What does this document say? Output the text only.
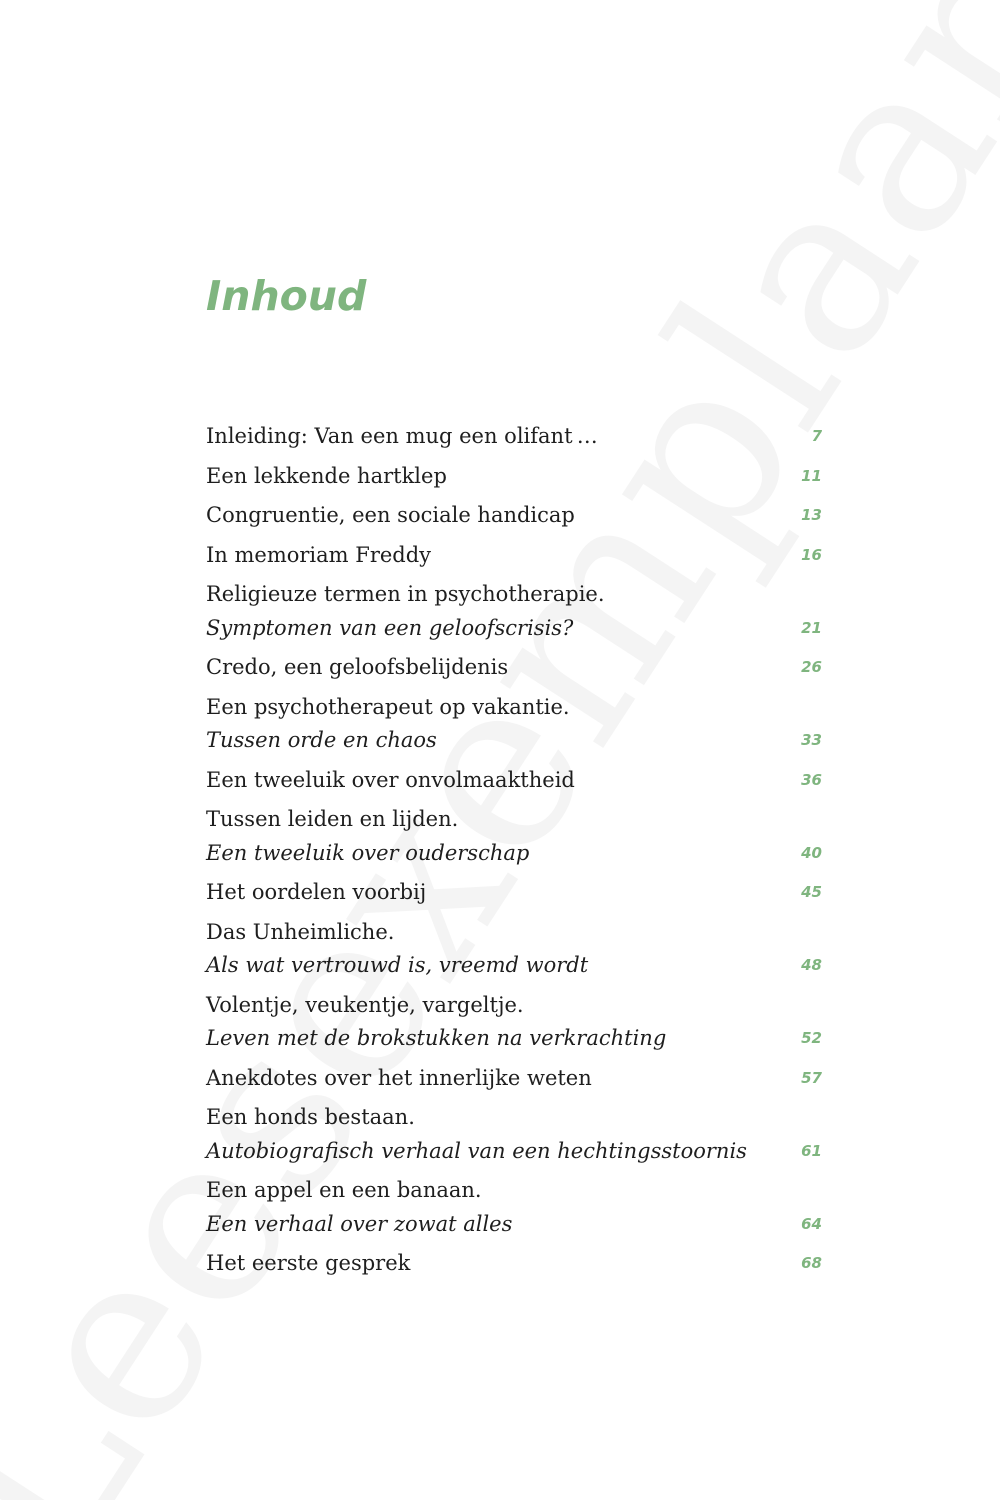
Inhoud
Inleiding: Van een mug een olifant …	7
Een lekkende hartklep	11
Congruentie, een sociale handicap	13
In memoriam Freddy	16
Religieuze termen in psychotherapie.
Symptomen van een geloofscrisis?	21
Credo, een geloofsbelijdenis	26
Een psychotherapeut op vakantie.
Tussen orde en chaos	33
Een tweeluik over onvolmaaktheid	36
Tussen leiden en lijden.
Een tweeluik over ouderschap	40
Het oordelen voorbij	45
Das Unheimliche.
Als wat vertrouwd is, vreemd wordt	48
Volentje, veukentje, vargeltje.
Leven met de brokstukken na verkrachting	52
Anekdotes over het innerlijke weten	57
Een honds bestaan.
Autobiografisch verhaal van een hechtingsstoornis	61
Een appel en een banaan.
Een verhaal over zowat alles	64
Het eerste gesprek	68
